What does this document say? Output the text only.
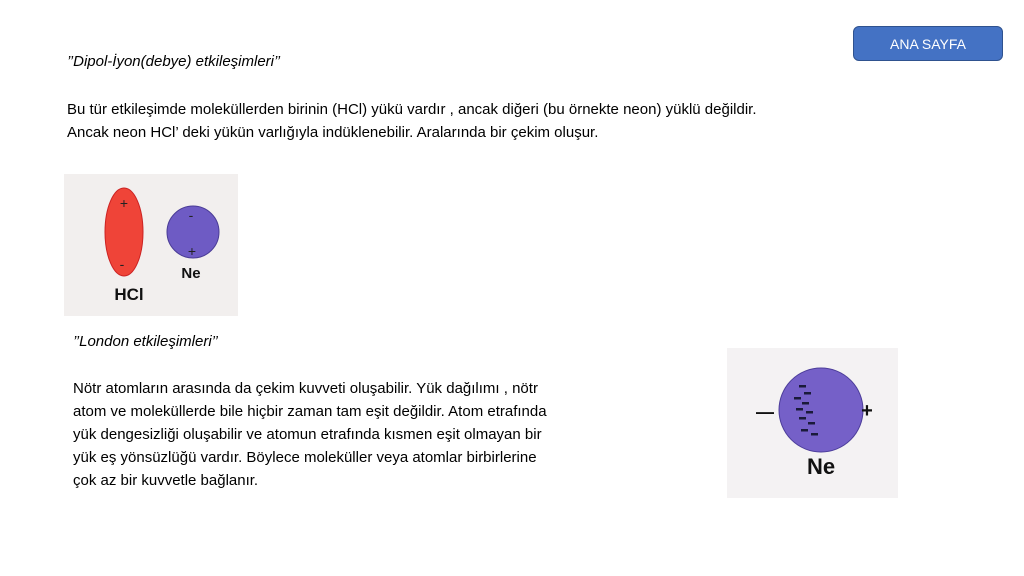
ANA SAYFA
’’Dipol-İyon(debye) etkileşimleri’’
Bu tür etkileşimde moleküllerden birinin (HCl) yükü vardır , ancak diğeri (bu örnekte neon) yüklü değildir.
Ancak neon HCl’ deki yükün varlığıyla indüklenebilir. Aralarında bir çekim oluşur.
+
-
-
+
Ne
HCl
’’London etkileşimleri’’
Nötr atomların arasında da çekim kuvveti oluşabilir. Yük dağılımı , nötr
atom ve moleküllerde bile hiçbir zaman tam eşit değildir. Atom etrafında
yük dengesizliği oluşabilir ve atomun etrafında kısmen eşit olmayan bir
yük eş yönsüzlüğü vardır. Böylece moleküller veya atomlar birbirlerine
çok az bir kuvvetle bağlanır.
—	+
Ne
